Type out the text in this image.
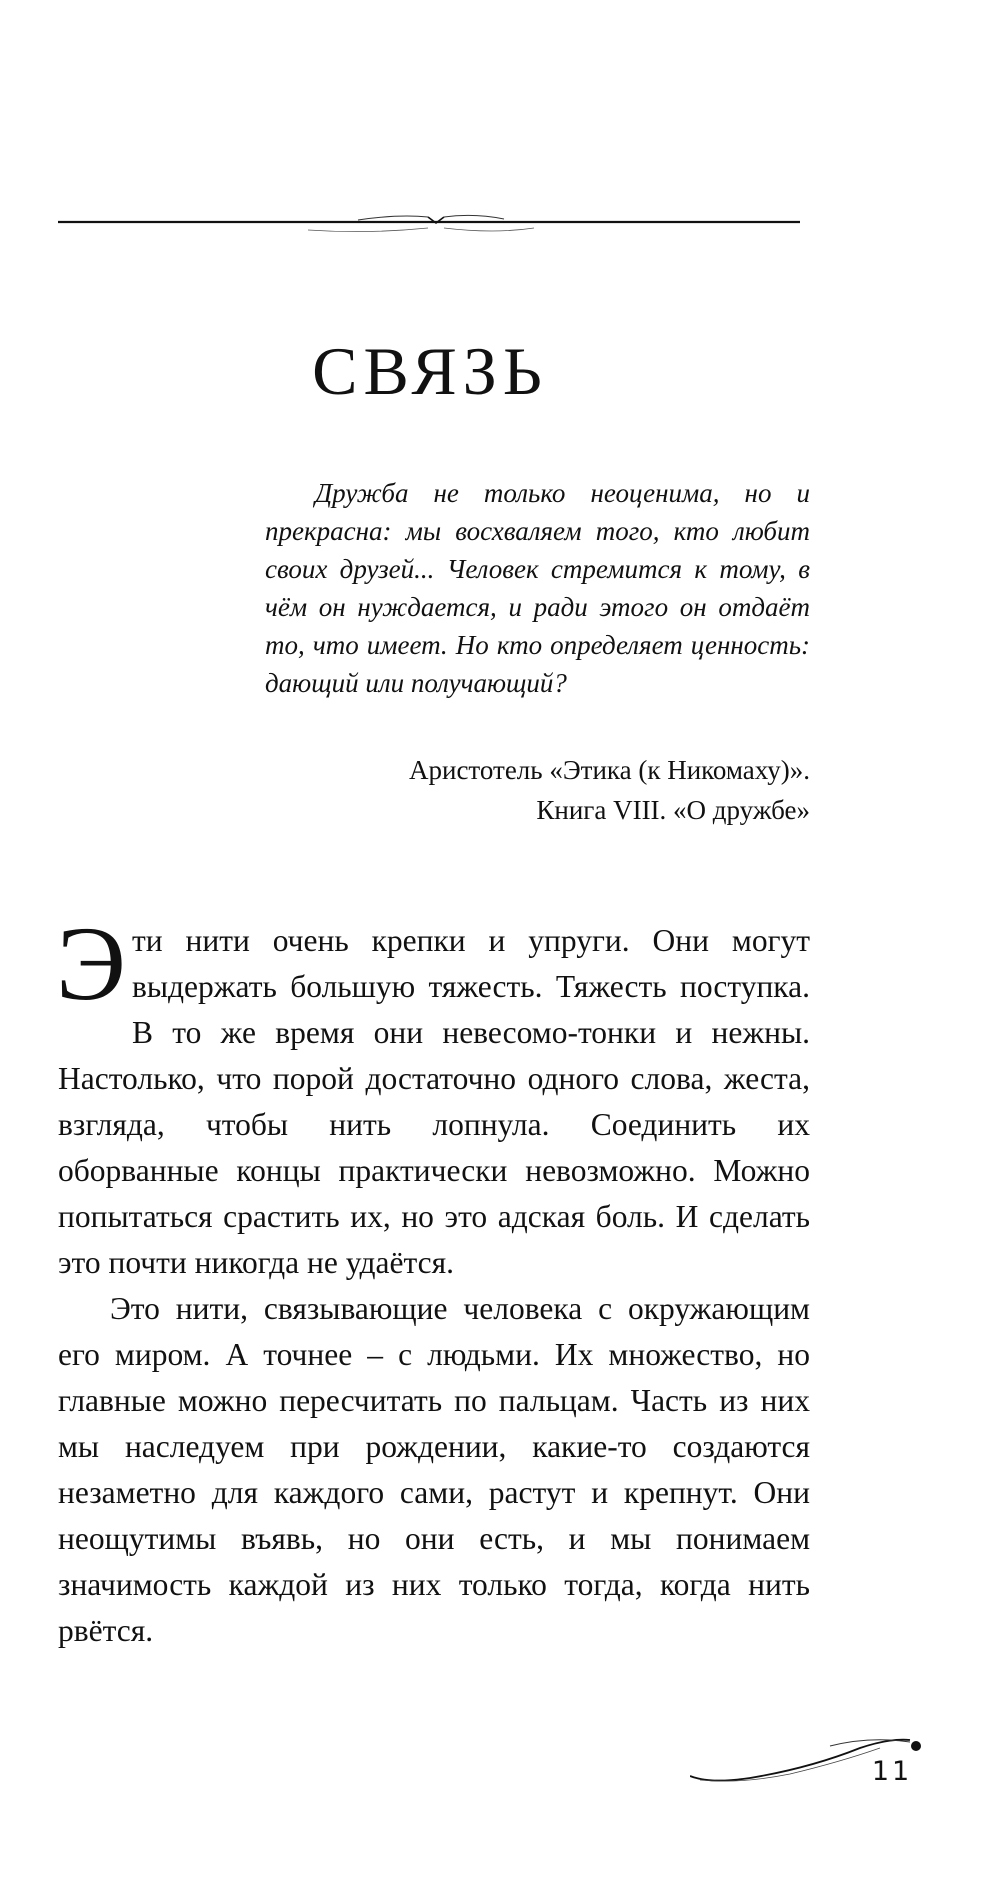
СВЯЗЬ

Дружба не только неоценима, но и прекрасна: мы восхваляем того, кто любит своих друзей... Человек стремится к тому, в чём он нуждается, и ради этого он отдаёт то, что имеет. Но кто определяет ценность: дающий или получающий?

Аристотель «Этика (к Никомаху)».
Книга VIII. «О дружбе»

Эти нити очень крепки и упруги. Они могут выдержать большую тяжесть. Тяжесть поступка. В то же время они невесомо-тонки и нежны. Настолько, что порой достаточно одного слова, жеста, взгляда, чтобы нить лопнула. Соединить их оборванные концы практически невозможно. Можно попытаться срастить их, но это адская боль. И сделать это почти никогда не удаётся.

Это нити, связывающие человека с окружающим его миром. А точнее – с людьми. Их множество, но главные можно пересчитать по пальцам. Часть из них мы наследуем при рождении, какие-то создаются незаметно для каждого сами, растут и крепнут. Они неощутимы въявь, но они есть, и мы понимаем значимость каждой из них только тогда, когда нить рвётся.

11
